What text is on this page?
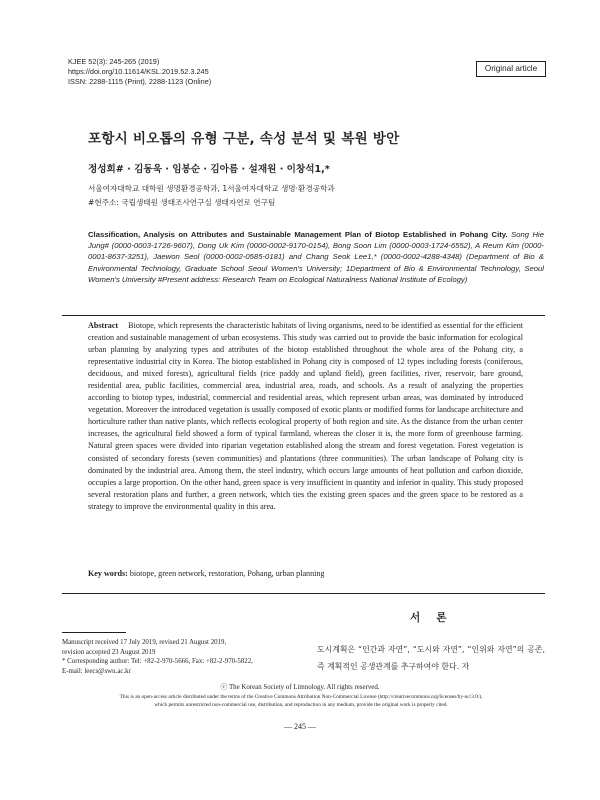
KJEE 52(3): 245-265 (2019)
https://doi.org/10.11614/KSL.2019.52.3.245
ISSN: 2288-1115 (Print), 2288-1123 (Online)
Original article
포항시 비오톱의 유형 구분, 속성 분석 및 복원 방안
정성희# · 김동욱 · 임봉순 · 김아름 · 설재원 · 이창석1,*
서울여자대학교 대학원 생명환경공학과, 1서울여자대학교 생명·환경공학과
#현주소: 국립생태원 생태조사연구실 생태자연로 연구팀
Classification, Analysis on Attributes and Sustainable Management Plan of Biotop Established in Pohang City. Song Hie Jung# (0000-0003-1726-9607), Dong Uk Kim (0000-0002-9170-0154), Bong Soon Lim (0000-0003-1724-6552), A Reum Kim (0000-0001-8637-3251), Jaewon Seol (0000-0002-0585-0181) and Chang Seok Lee1,* (0000-0002-4288-4348) (Department of Bio & Environmental Technology, Graduate School Seoul Women's University; 1Department of Bio & Environmental Technology, Seoul Women's University #Present address: Research Team on Ecological Naturalness National Institute of Ecology)
Abstract Biotope, which represents the characteristic habitats of living organisms, need to be identified as essential for the efficient creation and sustainable management of urban ecosystems. This study was carried out to provide the basic information for ecological urban planning by analyzing types and attributes of the biotop established throughout the whole area of the Pohang city, a representative industrial city in Korea. The biotop established in Pohang city is composed of 12 types including forests (coniferous, deciduous, and mixed forests), agricultural fields (rice paddy and upland field), green facilities, river, reservoir, bare ground, residential area, public facilities, commercial area, industrial area, roads, and schools. As a result of analyzing the properties according to biotop types, industrial, commercial and residential areas, which represent urban areas, was dominated by introduced vegetation. Moreover the introduced vegetation is usually composed of exotic plants or modified forms for landscape architecture and horticulture rather than native plants, which reflects ecological property of both region and site. As the distance from the urban center increases, the agricultural field showed a form of typical farmland, whereas the closer it is, the more form of greenhouse farming. Natural green spaces were divided into riparian vegetation established along the stream and forest vegetation. Forest vegetation is consisted of secondary forests (seven communities) and plantations (three communities). The urban landscape of Pohang city is dominated by the industrial area. Among them, the steel industry, which occurs large amounts of heat pollution and carbon dioxide, occupies a large proportion. On the other hand, green space is very insufficient in quantity and inferior in quality. This study proposed several restoration plans and further, a green network, which ties the existing green spaces and the green space to be restored as a strategy to improve the environmental quality in this area.
Key words: biotope, green network, restoration, Pohang, urban planning
서 론
도시계획은 “인간과 자연”, “도시와 자연”, “인위와 자연”의 공존, 즉 계획적인 공생관계를 추구하여야 한다. 자
Manuscript received 17 July 2019, revised 21 August 2019,
revision accepted 23 August 2019
* Corresponding author: Tel: +82-2-970-5666, Fax: +82-2-970-5822,
E-mail: leecs@swu.ac.kr
ⓒ The Korean Society of Limnology. All rights reserved.
This is an open-access article distributed under the terms of the Creative Commons Attribution Non-Commercial License (http://creativecommons.org/licenses/by-nc/3.0/),
which permits unrestricted non-commercial use, distribution, and reproduction in any medium, provide the original work is properly cited.
— 245 —
